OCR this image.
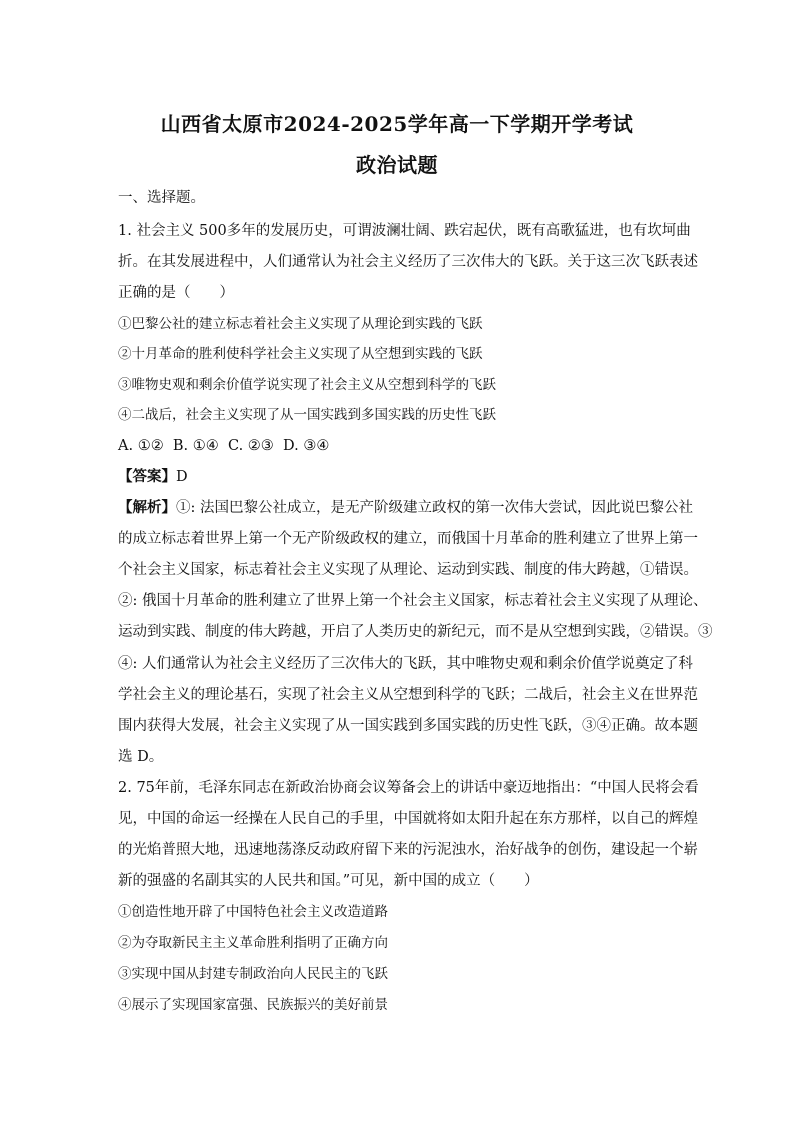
山西省太原市2024-2025学年高一下学期开学考试
政治试题
一、选择题。
1. 社会主义 500多年的发展历史，可谓波澜壮阔、跌宕起伏，既有高歌猛进，也有坎坷曲
折。在其发展进程中，人们通常认为社会主义经历了三次伟大的飞跃。关于这三次飞跃表述
正确的是（　　）
①巴黎公社的建立标志着社会主义实现了从理论到实践的飞跃
②十月革命的胜利使科学社会主义实现了从空想到实践的飞跃
③唯物史观和剩余价值学说实现了社会主义从空想到科学的飞跃
④二战后，社会主义实现了从一国实践到多国实践的历史性飞跃
A. ①②  B. ①④  C. ②③  D. ③④
【答案】D
【解析】①: 法国巴黎公社成立，是无产阶级建立政权的第一次伟大尝试，因此说巴黎公社
的成立标志着世界上第一个无产阶级政权的建立，而俄国十月革命的胜利建立了世界上第一
个社会主义国家，标志着社会主义实现了从理论、运动到实践、制度的伟大跨越，①错误。
②: 俄国十月革命的胜利建立了世界上第一个社会主义国家，标志着社会主义实现了从理论、
运动到实践、制度的伟大跨越，开启了人类历史的新纪元，而不是从空想到实践，②错误。③
④: 人们通常认为社会主义经历了三次伟大的飞跃，其中唯物史观和剩余价值学说奠定了科
学社会主义的理论基石，实现了社会主义从空想到科学的飞跃；二战后，社会主义在世界范
围内获得大发展，社会主义实现了从一国实践到多国实践的历史性飞跃，③④正确。故本题
选 D。
2. 75年前，毛泽东同志在新政治协商会议筹备会上的讲话中豪迈地指出：“中国人民将会看
见，中国的命运一经操在人民自己的手里，中国就将如太阳升起在东方那样，以自己的辉煌
的光焰普照大地，迅速地荡涤反动政府留下来的污泥浊水，治好战争的创伤，建设起一个崭
新的强盛的名副其实的人民共和国。”可见，新中国的成立（　　）
①创造性地开辟了中国特色社会主义改造道路
②为夺取新民主主义革命胜利指明了正确方向
③实现中国从封建专制政治向人民民主的飞跃
④展示了实现国家富强、民族振兴的美好前景
